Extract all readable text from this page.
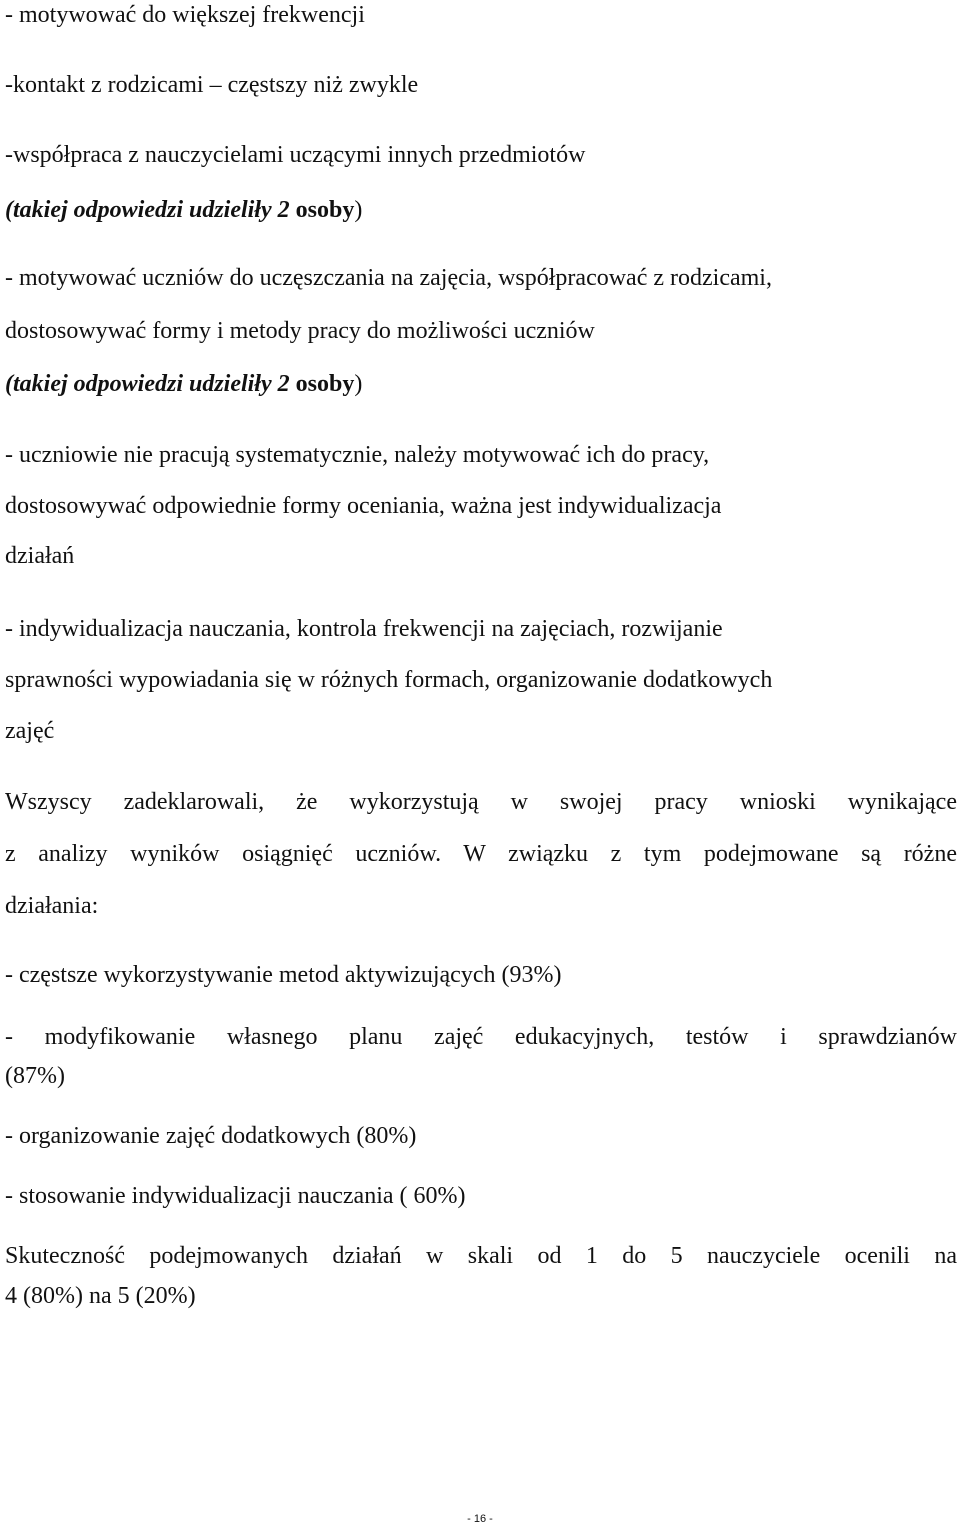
- motywować do większej frekwencji

-kontakt z rodzicami – częstszy niż zwykle

-współpraca z nauczycielami uczącymi innych przedmiotów

(takiej odpowiedzi udzieliły 2 osoby)

- motywować uczniów do uczęszczania na zajęcia, współpracować z rodzicami,

dostosowywać formy i metody pracy do możliwości uczniów

(takiej odpowiedzi udzieliły 2 osoby)

- uczniowie nie pracują systematycznie, należy motywować ich do pracy,

dostosowywać odpowiednie formy oceniania, ważna jest indywidualizacja

działań

- indywidualizacja nauczania, kontrola frekwencji na zajęciach, rozwijanie

sprawności wypowiadania się w różnych formach, organizowanie dodatkowych

zajęć

Wszyscy zadeklarowali, że wykorzystują w swojej pracy wnioski wynikające

z analizy wyników osiągnięć uczniów. W związku z tym podejmowane są różne

działania:

- częstsze wykorzystywanie metod aktywizujących (93%)

- modyfikowanie własnego planu zajęć edukacyjnych, testów i sprawdzianów

(87%)

- organizowanie zajęć dodatkowych (80%)

- stosowanie indywidualizacji nauczania ( 60%)

Skuteczność podejmowanych działań w skali od 1 do 5 nauczyciele ocenili na

4 (80%) na 5 (20%)

- 16 -
